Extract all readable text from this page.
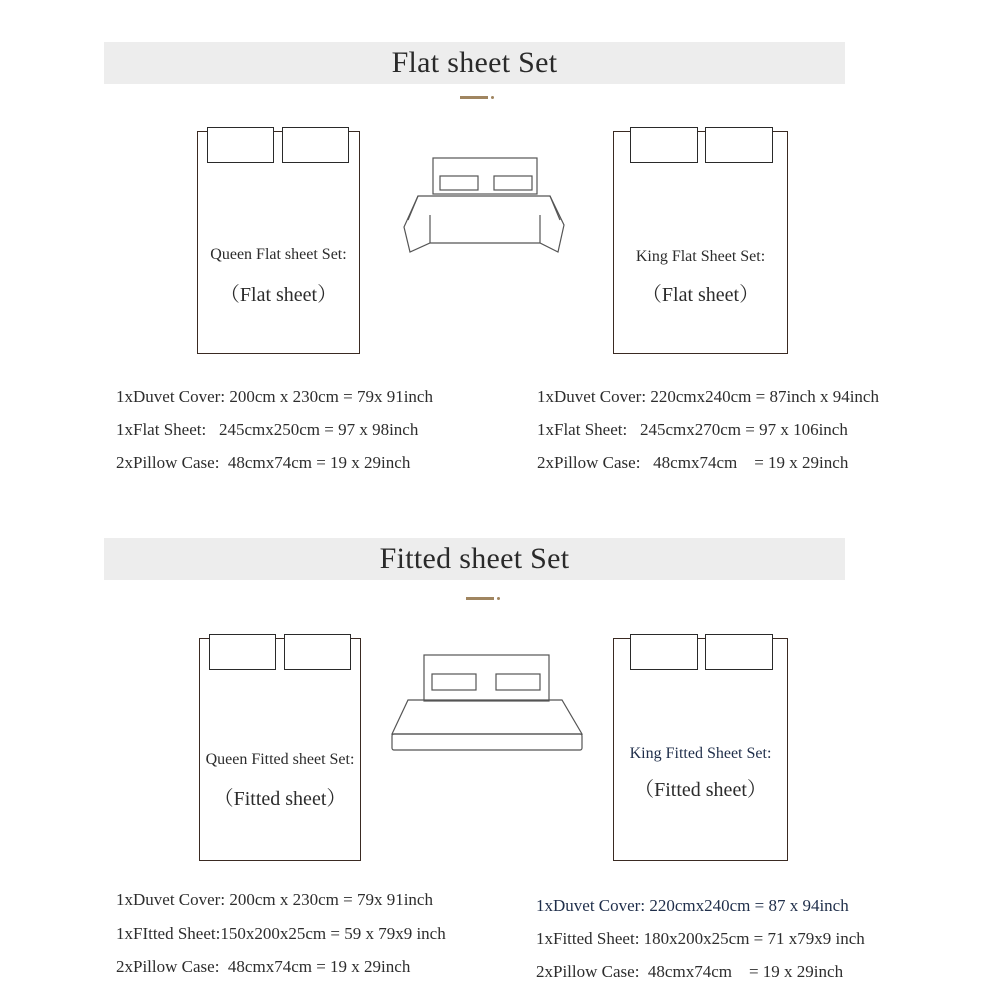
Flat sheet Set
Queen Flat sheet Set:
（Flat sheet）
King Flat Sheet Set:
（Flat sheet）
1xDuvet Cover: 200cm x 230cm = 79x 91inch
1xFlat Sheet:   245cmx250cm = 97 x 98inch
2xPillow Case:  48cmx74cm = 19 x 29inch
1xDuvet Cover: 220cmx240cm = 87inch x 94inch
1xFlat Sheet:   245cmx270cm = 97 x 106inch
2xPillow Case:   48cmx74cm    = 19 x 29inch
Fitted sheet Set
Queen Fitted sheet Set:
（Fitted sheet）
King Fitted Sheet Set:
（Fitted sheet）
1xDuvet Cover: 200cm x 230cm = 79x 91inch
1xFItted Sheet:150x200x25cm = 59 x 79x9 inch
2xPillow Case:  48cmx74cm = 19 x 29inch
1xDuvet Cover: 220cmx240cm = 87 x 94inch
1xFitted Sheet: 180x200x25cm = 71 x79x9 inch
2xPillow Case:  48cmx74cm    = 19 x 29inch
